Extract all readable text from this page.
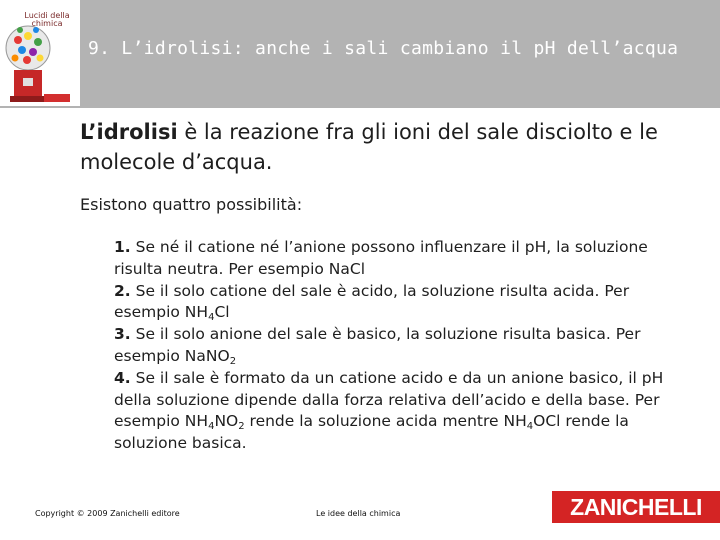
Lucidi della chimica
9. L’idrolisi: anche i sali cambiano il pH dell’acqua
L’idrolisi è la reazione fra gli ioni del sale disciolto e le molecole d’acqua.
Esistono quattro possibilità:
1. Se né il catione né l’anione possono influenzare il pH, la soluzione risulta neutra. Per esempio NaCl
2. Se il solo catione del sale è acido, la soluzione risulta acida. Per esempio $NH_4Cl$
3. Se il solo anione del sale è basico, la soluzione risulta basica. Per esempio NaNO$_2$
4. Se il sale è formato da un catione acido e da un anione basico, il pH della soluzione dipende dalla forza relativa dell’acido e della base. Per esempio $NH_4NO_2$ rende la soluzione acida mentre $NH_4OCl$ rende la soluzione basica.
Copyright © 2009 Zanichelli editore	Le idee della chimica	ZANICHELLI
